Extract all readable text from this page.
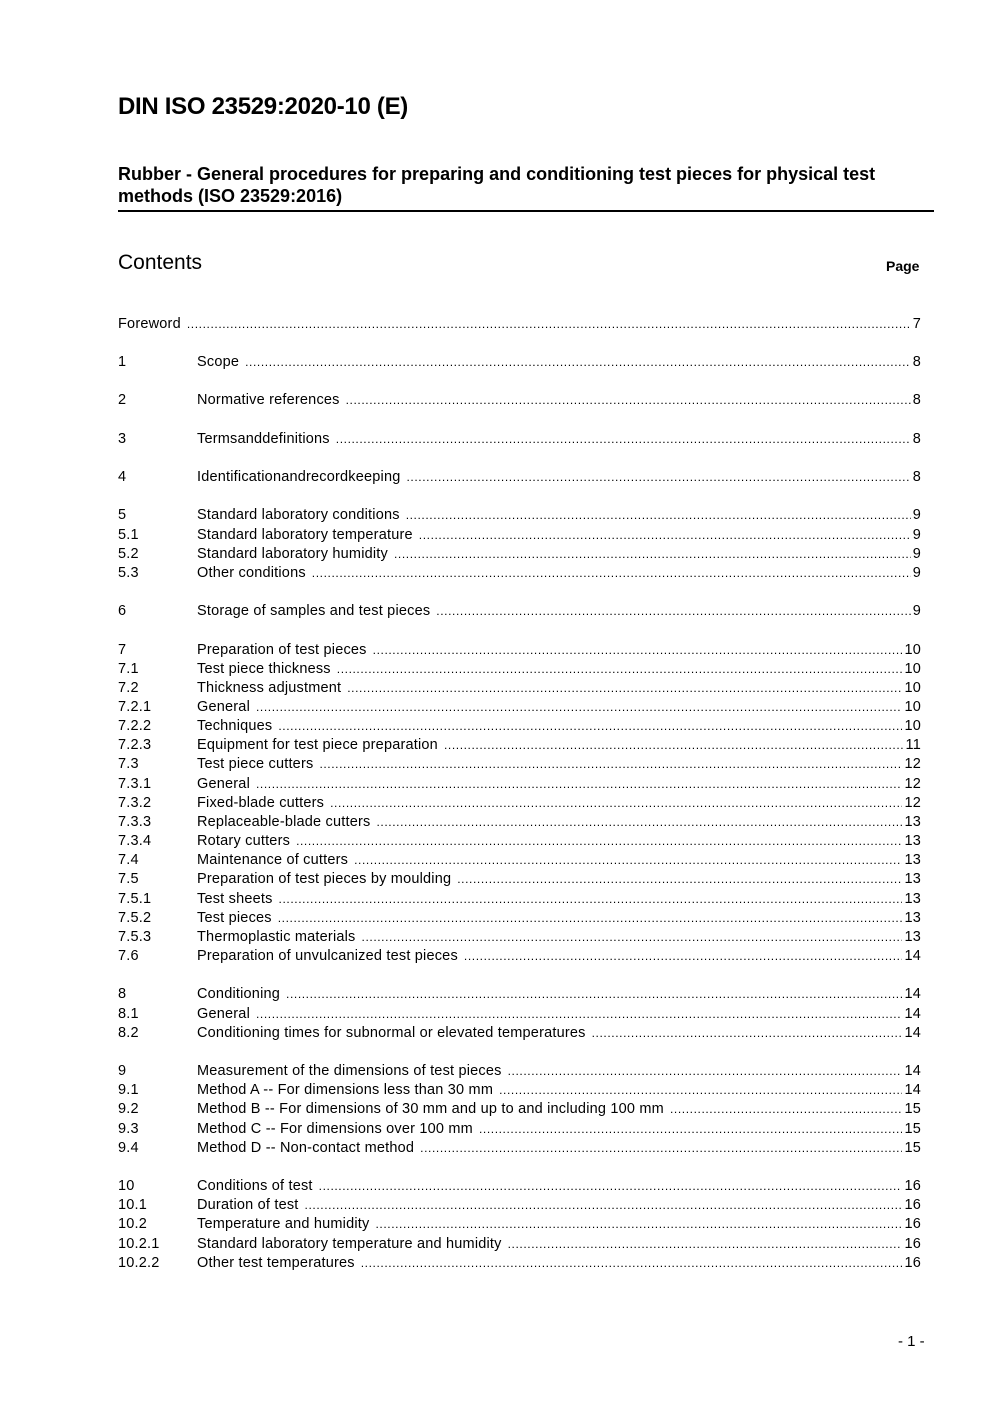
DIN ISO 23529:2020-10 (E)
Rubber - General procedures for preparing and conditioning test pieces for physical test methods (ISO 23529:2016)
Contents	Page
Foreword .....	7
1	Scope .....	8
2	Normative references .....	8
3	Termsanddefinitions .....	8
4	Identificationandrecordkeeping .....	8
5	Standard laboratory conditions .....	9
5.1	Standard laboratory temperature .....	9
5.2	Standard laboratory humidity .....	9
5.3	Other conditions .....	9
6	Storage of samples and test pieces .....	9
7	Preparation of test pieces .....	10
7.1	Test piece thickness .....	10
7.2	Thickness adjustment .....	10
7.2.1	General .....	10
7.2.2	Techniques .....	10
7.2.3	Equipment for test piece preparation .....	11
7.3	Test piece cutters .....	12
7.3.1	General .....	12
7.3.2	Fixed-blade cutters .....	12
7.3.3	Replaceable-blade cutters .....	13
7.3.4	Rotary cutters .....	13
7.4	Maintenance of cutters .....	13
7.5	Preparation of test pieces by moulding .....	13
7.5.1	Test sheets .....	13
7.5.2	Test pieces .....	13
7.5.3	Thermoplastic materials .....	13
7.6	Preparation of unvulcanized test pieces .....	14
8	Conditioning .....	14
8.1	General .....	14
8.2	Conditioning times for subnormal or elevated temperatures .....	14
9	Measurement of the dimensions of test pieces .....	14
9.1	Method A -- For dimensions less than 30 mm .....	14
9.2	Method B -- For dimensions of 30 mm and up to and including 100 mm .....	15
9.3	Method C -- For dimensions over 100 mm .....	15
9.4	Method D -- Non-contact method .....	15
10	Conditions of test .....	16
10.1	Duration of test .....	16
10.2	Temperature and humidity .....	16
10.2.1	Standard laboratory temperature and humidity .....	16
10.2.2	Other test temperatures .....	16
- 1 -
